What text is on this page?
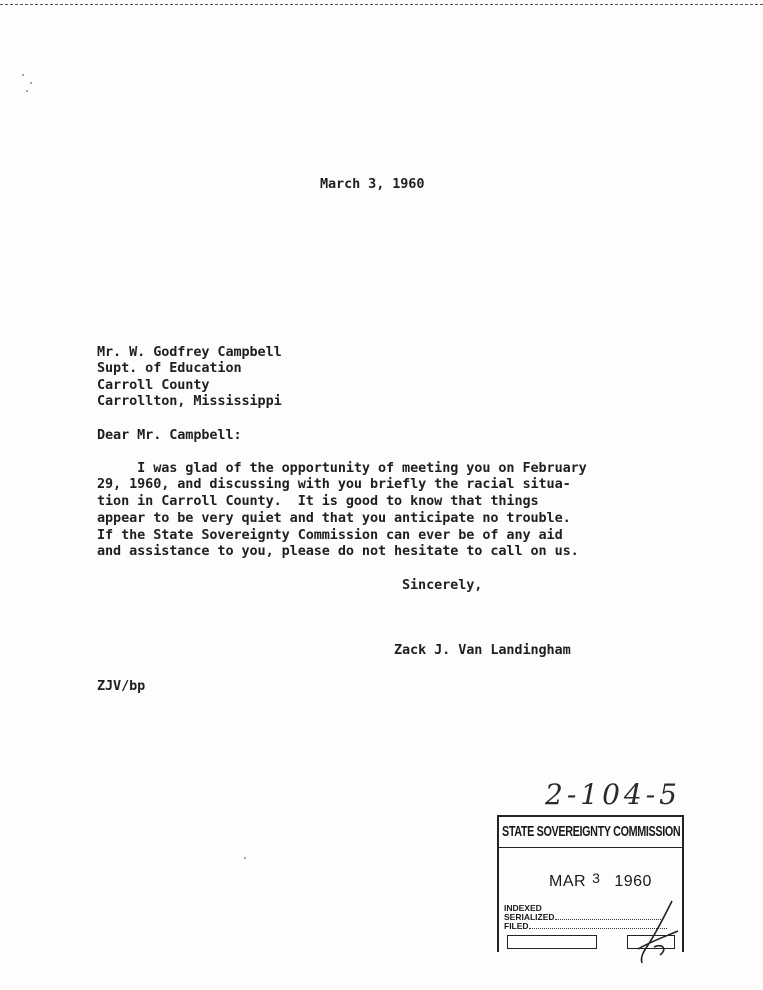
March 3, 1960

Mr. W. Godfrey Campbell

Supt. of Education

Carroll County

Carrollton, Mississippi

Dear Mr. Campbell:

I was glad of the opportunity of meeting you on February

29, 1960, and discussing with you briefly the racial situa-

tion in Carroll County.  It is good to know that things

appear to be very quiet and that you anticipate no trouble.

If the State Sovereignty Commission can ever be of any aid

and assistance to you, please do not hesitate to call on us.

Sincerely,

Zack J. Van Landingham

ZJV/bp

2-104-5
STATE SOVEREIGNTY COMMISSION
MAR 3 1960
INDEXED
SERIALIZED
FILED
